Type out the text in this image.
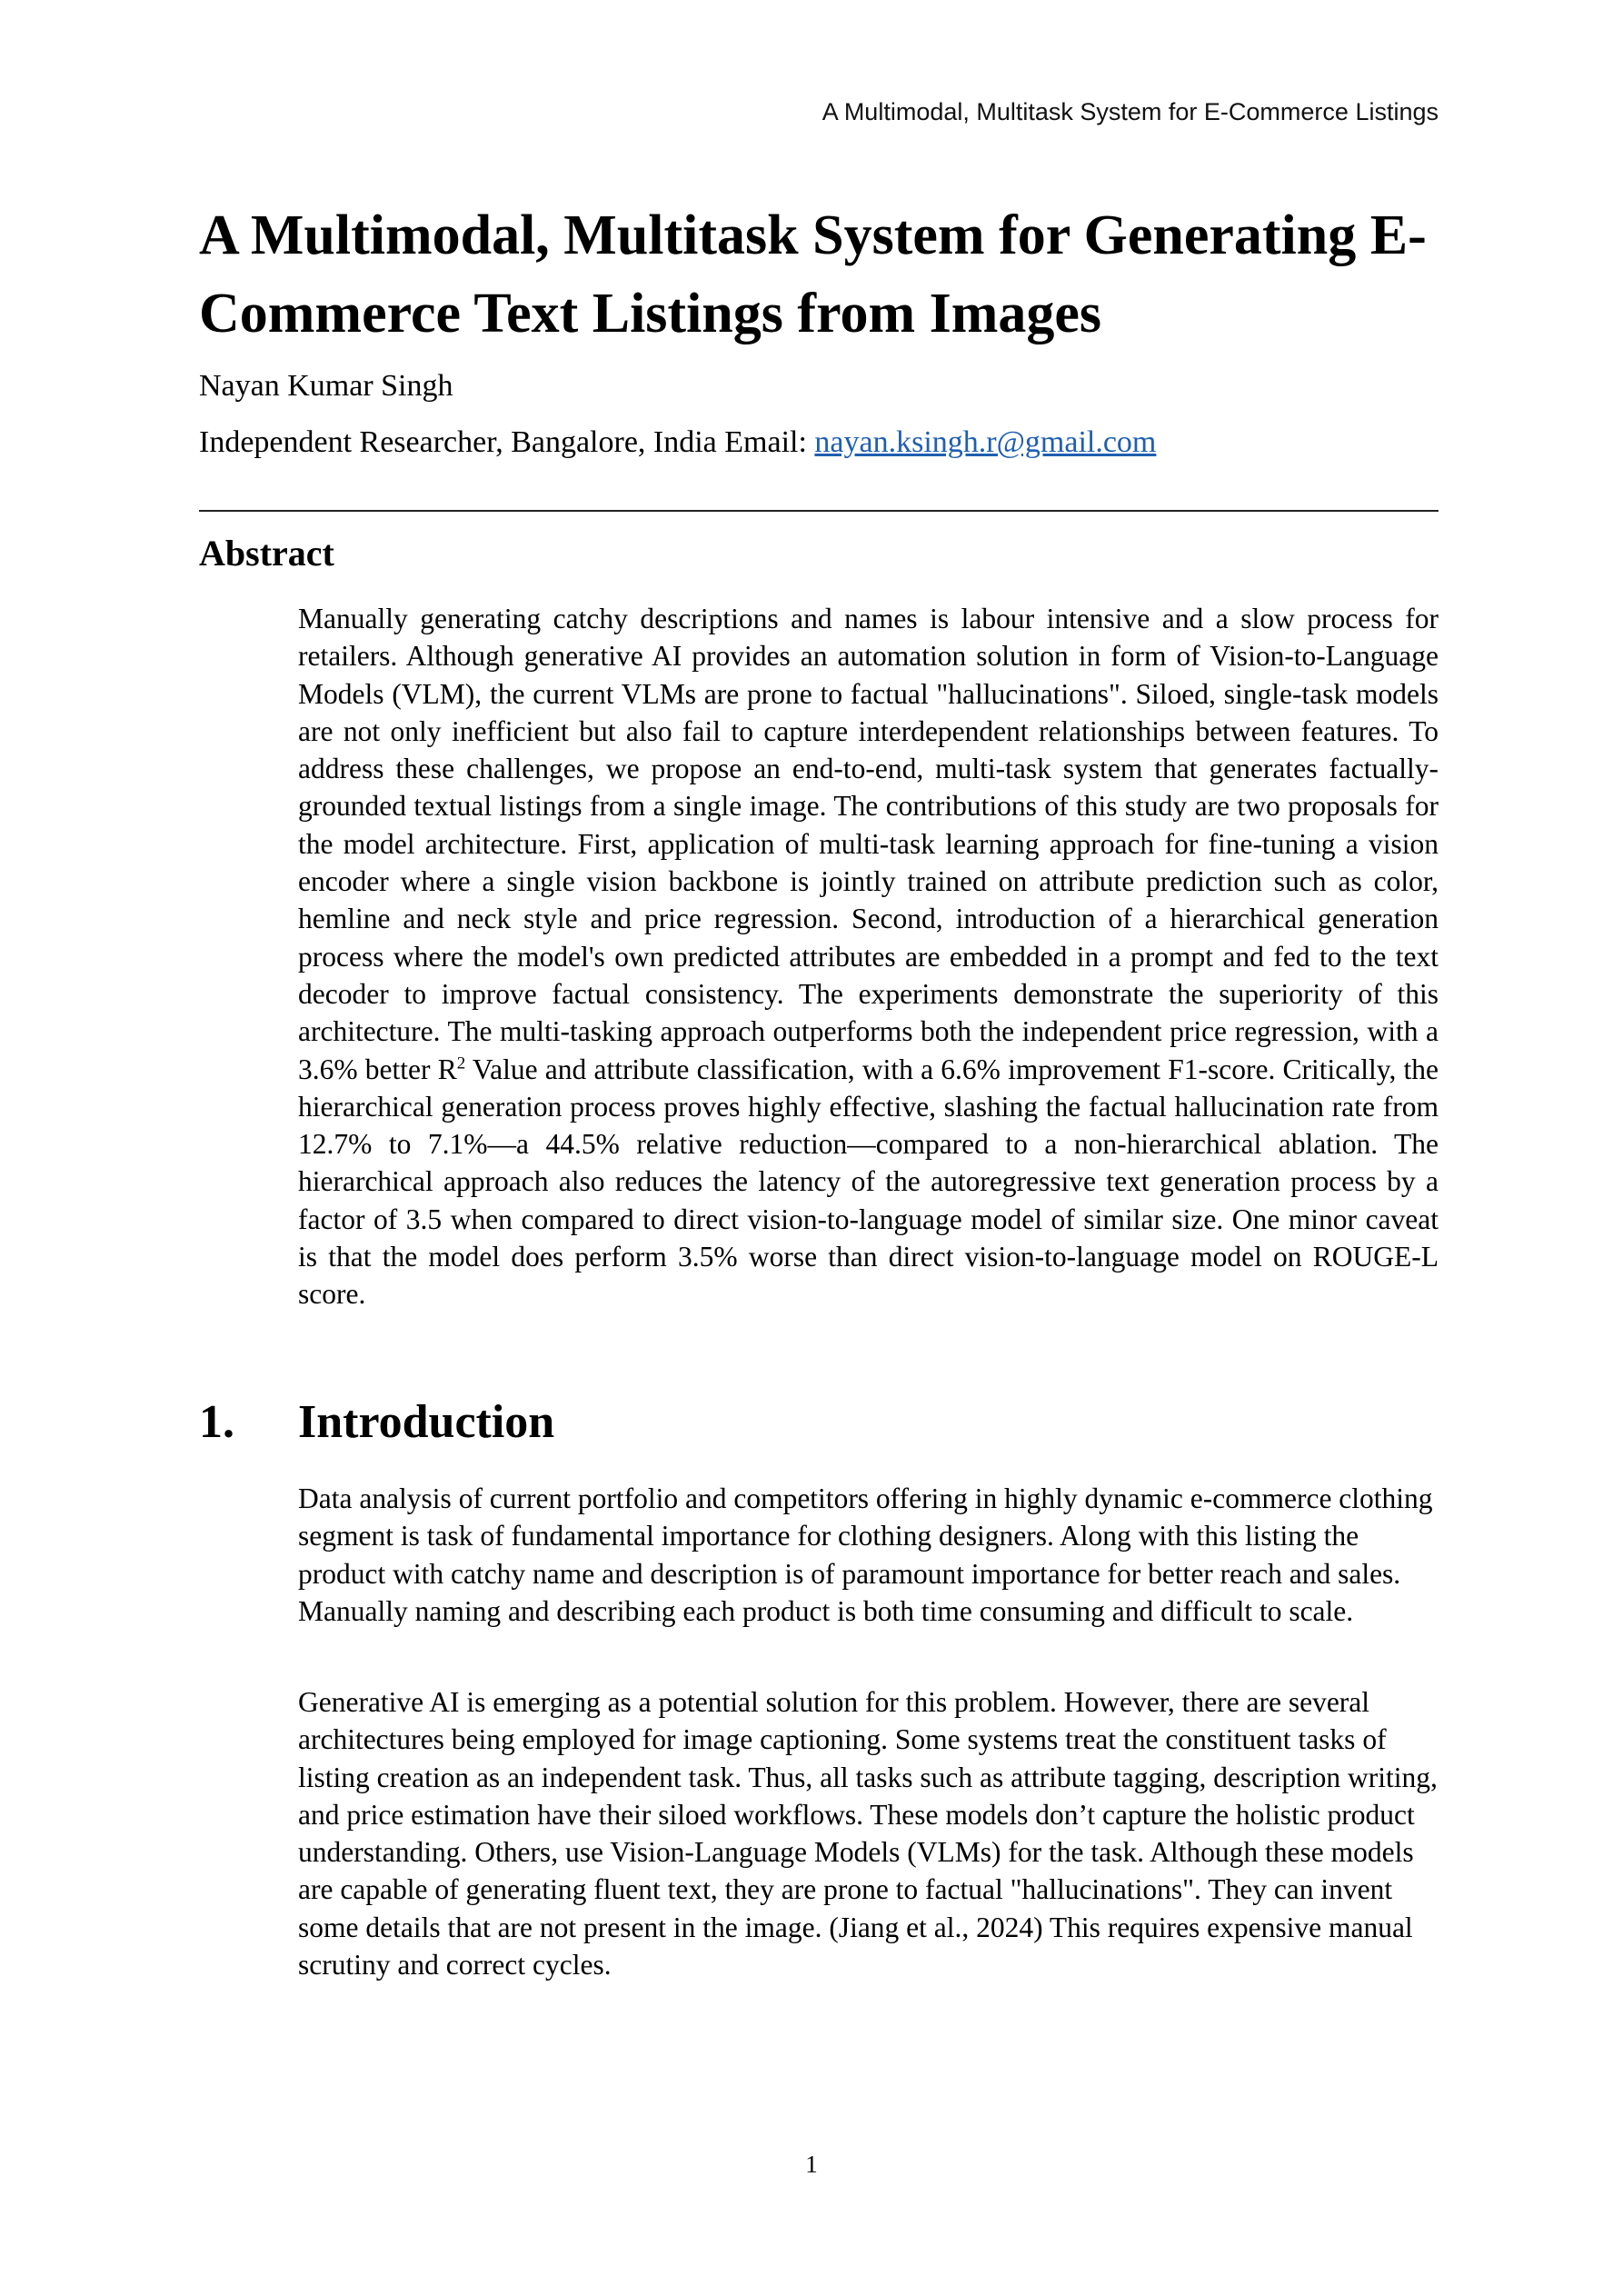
A Multimodal, Multitask System for E-Commerce Listings
A Multimodal, Multitask System for Generating E-Commerce Text Listings from Images
Nayan Kumar Singh
Independent Researcher, Bangalore, India Email: nayan.ksingh.r@gmail.com
Abstract

Manually generating catchy descriptions and names is labour intensive and a slow process for retailers. Although generative AI provides an automation solution in form of Vision-to-Language Models (VLM), the current VLMs are prone to factual "hallucinations". Siloed, single-task models are not only inefficient but also fail to capture interdependent relationships between features. To address these challenges, we propose an end-to-end, multi-task system that generates factually-grounded textual listings from a single image. The contributions of this study are two proposals for the model architecture. First, application of multi-task learning approach for fine-tuning a vision encoder where a single vision backbone is jointly trained on attribute prediction such as color, hemline and neck style and price regression. Second, introduction of a hierarchical generation process where the model's own predicted attributes are embedded in a prompt and fed to the text decoder to improve factual consistency. The experiments demonstrate the superiority of this architecture. The multi-tasking approach outperforms both the independent price regression, with a 3.6% better $R^2$ Value and attribute classification, with a 6.6% improvement F1-score. Critically, the hierarchical generation process proves highly effective, slashing the factual hallucination rate from 12.7% to 7.1%—a 44.5% relative reduction—compared to a non-hierarchical ablation. The hierarchical approach also reduces the latency of the autoregressive text generation process by a factor of 3.5 when compared to direct vision-to-language model of similar size. One minor caveat is that the model does perform 3.5% worse than direct vision-to-language model on ROUGE-L score.

1. Introduction

Data analysis of current portfolio and competitors offering in highly dynamic e-commerce clothing segment is task of fundamental importance for clothing designers. Along with this listing the product with catchy name and description is of paramount importance for better reach and sales. Manually naming and describing each product is both time consuming and difficult to scale.

Generative AI is emerging as a potential solution for this problem. However, there are several architectures being employed for image captioning. Some systems treat the constituent tasks of listing creation as an independent task. Thus, all tasks such as attribute tagging, description writing, and price estimation have their siloed workflows. These models don’t capture the holistic product understanding. Others, use Vision-Language Models (VLMs) for the task. Although these models are capable of generating fluent text, they are prone to factual "hallucinations". They can invent some details that are not present in the image. (Jiang et al., 2024) This requires expensive manual scrutiny and correct cycles.

1
